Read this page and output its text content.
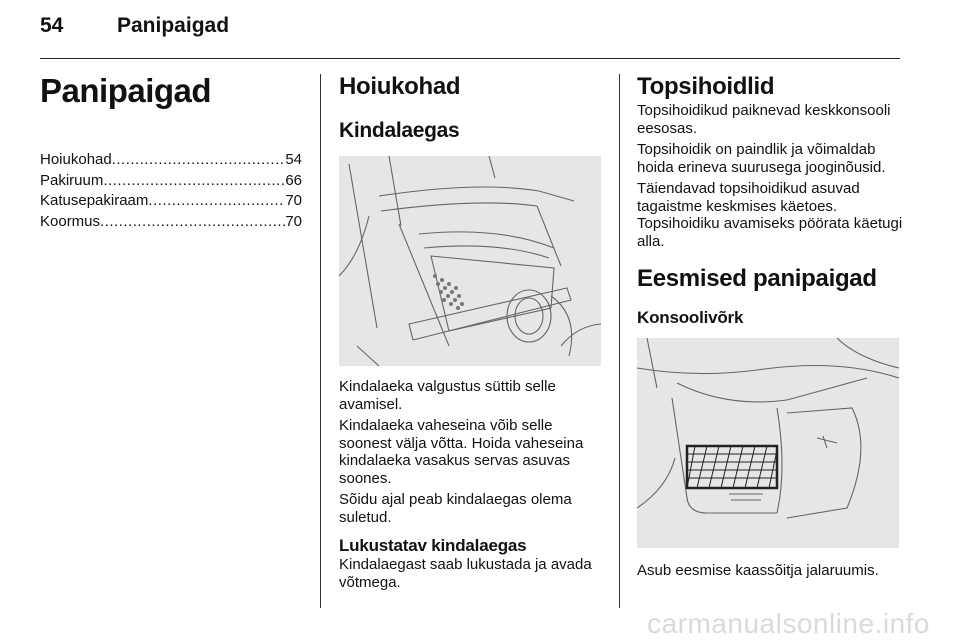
54	Panipaigad
Panipaigad
Hoiukohad .....	54
Pakiruum .....	66
Katusepakiraam .....	70
Koormus .....	70
Hoiukohad
Kindalaegas

Kindalaeka valgustus süttib selle avamisel.

Kindalaeka vaheseina võib selle soonest välja võtta. Hoida vaheseina kindalaeka vasakus servas asuvas soones.

Sõidu ajal peab kindalaegas olema suletud.

Lukustatav kindalaegas

Kindalaegast saab lukustada ja avada võtmega.

Topsihoidlid

Topsihoidikud paiknevad keskkonsooli eesosas.

Topsihoidik on paindlik ja võimaldab hoida erineva suurusega jooginõusid.

Täiendavad topsihoidikud asuvad tagaistme keskmises käetoes. Topsihoidiku avamiseks pöörata käetugi alla.

Eesmised panipaigad
Konsoolivõrk

Asub eesmise kaassõitja jalaruumis.

carmanualsonline.info
